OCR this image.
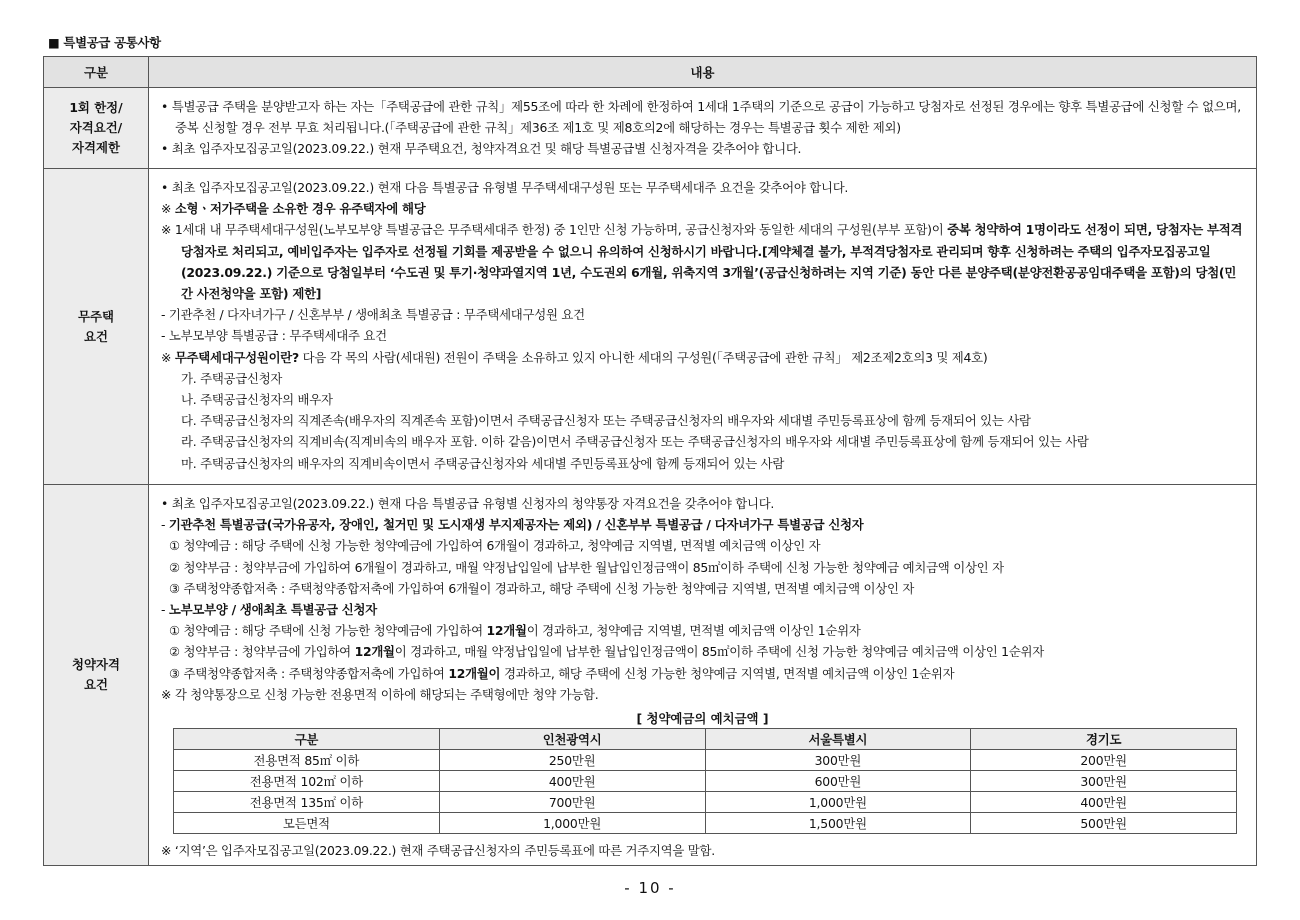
■ 특별공급 공통사항
구분	내용

1회 한정/
자격요건/
자격제한

• 특별공급 주택을 분양받고자 하는 자는「주택공급에 관한 규칙」제55조에 따라 한 차례에 한정하여 1세대 1주택의 기준으로 공급이 가능하고 당첨자로 선정된 경우에는 향후 특별공급에 신청할 수 없으며, 중복 신청할 경우 전부 무효 처리됩니다.(「주택공급에 관한 규칙」제36조 제1호 및 제8호의2에 해당하는 경우는 특별공급 횟수 제한 제외)
• 최초 입주자모집공고일(2023.09.22.) 현재 무주택요건, 청약자격요건 및 해당 특별공급별 신청자격을 갖추어야 합니다.

무주택
요건

• 최초 입주자모집공고일(2023.09.22.) 현재 다음 특별공급 유형별 무주택세대구성원 또는 무주택세대주 요건을 갖추어야 합니다.
※ 소형ㆍ저가주택을 소유한 경우 유주택자에 해당
※ 1세대 내 무주택세대구성원(노부모부양 특별공급은 무주택세대주 한정) 중 1인만 신청 가능하며, 공급신청자와 동일한 세대의 구성원(부부 포함)이 중복 청약하여 1명이라도 선정이 되면, 당첨자는 부적격당첨자로 처리되고, 예비입주자는 입주자로 선정될 기회를 제공받을 수 없으니 유의하여 신청하시기 바랍니다.[계약체결 불가, 부적격당첨자로 관리되며 향후 신청하려는 주택의 입주자모집공고일(2023.09.22.) 기준으로 당첨일부터 ‘수도권 및 투기·청약과열지역 1년, 수도권외 6개월, 위축지역 3개월’(공급신청하려는 지역 기준) 동안 다른 분양주택(분양전환공공임대주택을 포함)의 당첨(민간 사전청약을 포함) 제한]
- 기관추천 / 다자녀가구 / 신혼부부 / 생애최초 특별공급 : 무주택세대구성원 요건
- 노부모부양 특별공급 : 무주택세대주 요건
※ 무주택세대구성원이란? 다음 각 목의 사람(세대원) 전원이 주택을 소유하고 있지 아니한 세대의 구성원(「주택공급에 관한 규칙」 제2조제2호의3 및 제4호)
가. 주택공급신청자
나. 주택공급신청자의 배우자
다. 주택공급신청자의 직계존속(배우자의 직계존속 포함)이면서 주택공급신청자 또는 주택공급신청자의 배우자와 세대별 주민등록표상에 함께 등재되어 있는 사람
라. 주택공급신청자의 직계비속(직계비속의 배우자 포함. 이하 같음)이면서 주택공급신청자 또는 주택공급신청자의 배우자와 세대별 주민등록표상에 함께 등재되어 있는 사람
마. 주택공급신청자의 배우자의 직계비속이면서 주택공급신청자와 세대별 주민등록표상에 함께 등재되어 있는 사람

청약자격
요건

• 최초 입주자모집공고일(2023.09.22.) 현재 다음 특별공급 유형별 신청자의 청약통장 자격요건을 갖추어야 합니다.
- 기관추천 특별공급(국가유공자, 장애인, 철거민 및 도시재생 부지제공자는 제외) / 신혼부부 특별공급 / 다자녀가구 특별공급 신청자
① 청약예금 : 해당 주택에 신청 가능한 청약예금에 가입하여 6개월이 경과하고, 청약예금 지역별, 면적별 예치금액 이상인 자
② 청약부금 : 청약부금에 가입하여 6개월이 경과하고, 매월 약정납입일에 납부한 월납입인정금액이 85㎡이하 주택에 신청 가능한 청약예금 예치금액 이상인 자
③ 주택청약종합저축 : 주택청약종합저축에 가입하여 6개월이 경과하고, 해당 주택에 신청 가능한 청약예금 지역별, 면적별 예치금액 이상인 자
- 노부모부양 / 생애최초 특별공급 신청자
① 청약예금 : 해당 주택에 신청 가능한 청약예금에 가입하여 12개월이 경과하고, 청약예금 지역별, 면적별 예치금액 이상인 1순위자
② 청약부금 : 청약부금에 가입하여 12개월이 경과하고, 매월 약정납입일에 납부한 월납입인정금액이 85㎡이하 주택에 신청 가능한 청약예금 예치금액 이상인 1순위자
③ 주택청약종합저축 : 주택청약종합저축에 가입하여 12개월이 경과하고, 해당 주택에 신청 가능한 청약예금 지역별, 면적별 예치금액 이상인 1순위자
※ 각 청약통장으로 신청 가능한 전용면적 이하에 해당되는 주택형에만 청약 가능함.
[ 청약예금의 예치금액 ]
구분	인천광역시	서울특별시	경기도
전용면적 85㎡ 이하	250만원	300만원	200만원
전용면적 102㎡ 이하	400만원	600만원	300만원
전용면적 135㎡ 이하	700만원	1,000만원	400만원
모든면적	1,000만원	1,500만원	500만원
※ ‘지역’은 입주자모집공고일(2023.09.22.) 현재 주택공급신청자의 주민등록표에 따른 거주지역을 말함.
- 10 -
